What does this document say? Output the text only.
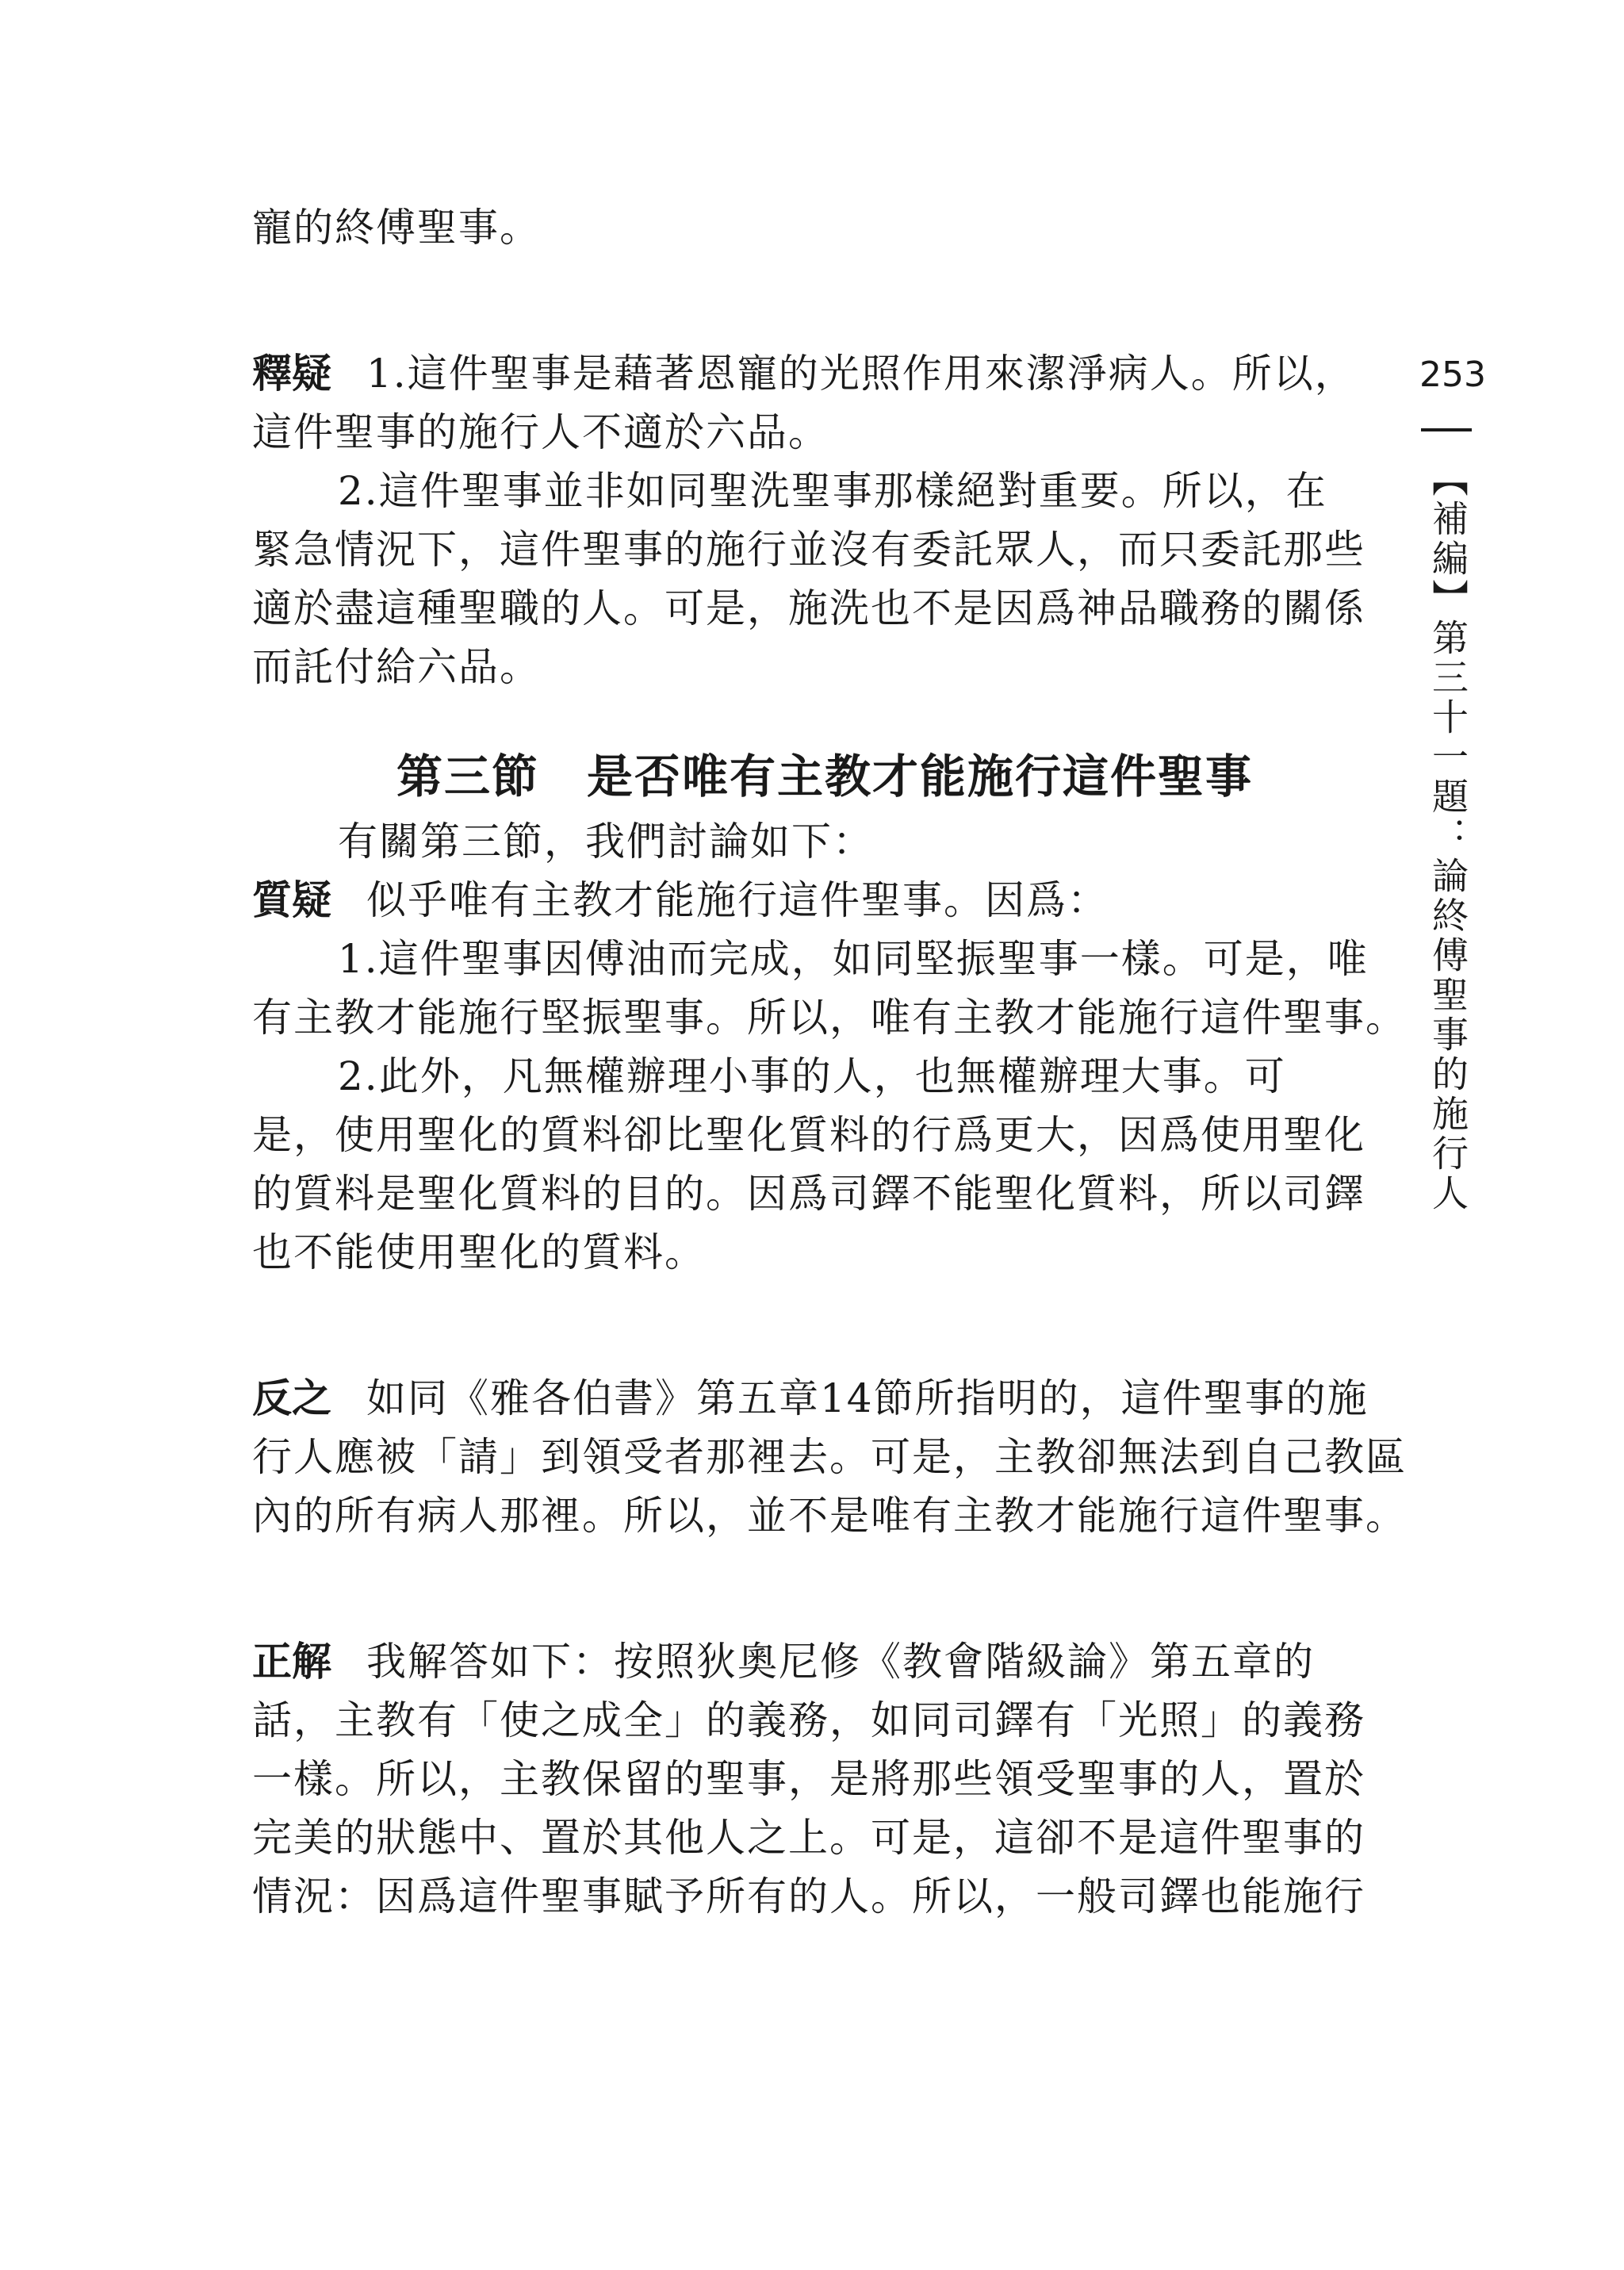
寵的終傅聖事。
釋疑 1.這件聖事是藉著恩寵的光照作用來潔淨病人。所以，
這件聖事的施行人不適於六品。
2.這件聖事並非如同聖洗聖事那樣絕對重要。所以，在
緊急情況下，這件聖事的施行並沒有委託眾人，而只委託那些
適於盡這種聖職的人。可是，施洗也不是因爲神品職務的關係
而託付給六品。
第三節 是否唯有主教才能施行這件聖事
有關第三節，我們討論如下：
質疑 似乎唯有主教才能施行這件聖事。因爲：
1.這件聖事因傅油而完成，如同堅振聖事一樣。可是，唯
有主教才能施行堅振聖事。所以，唯有主教才能施行這件聖事。
2.此外，凡無權辦理小事的人，也無權辦理大事。可
是，使用聖化的質料卻比聖化質料的行爲更大，因爲使用聖化
的質料是聖化質料的目的。因爲司鐸不能聖化質料，所以司鐸
也不能使用聖化的質料。
反之 如同《雅各伯書》第五章14節所指明的，這件聖事的施
行人應被「請」到領受者那裡去。可是，主教卻無法到自己教區
內的所有病人那裡。所以，並不是唯有主教才能施行這件聖事。
正解 我解答如下：按照狄奧尼修《教會階級論》第五章的
話，主教有「使之成全」的義務，如同司鐸有「光照」的義務
一樣。所以，主教保留的聖事，是將那些領受聖事的人，置於
完美的狀態中、置於其他人之上。可是，這卻不是這件聖事的
情況：因爲這件聖事賦予所有的人。所以，一般司鐸也能施行
253
【補編】第三十一題：論終傅聖事的施行人
